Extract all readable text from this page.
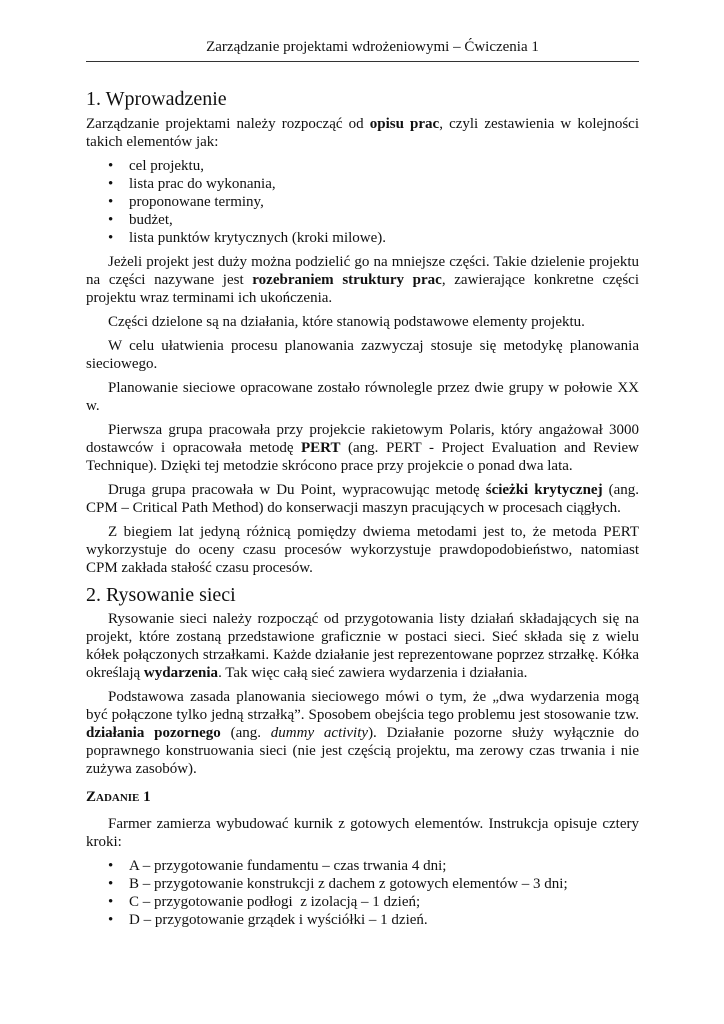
Zarządzanie projektami wdrożeniowymi – Ćwiczenia 1
1. Wprowadzenie

Zarządzanie projektami należy rozpocząć od opisu prac, czyli zestawienia w kolejności takich elementów jak:

• cel projektu,
• lista prac do wykonania,
• proponowane terminy,
• budżet,
• lista punktów krytycznych (kroki milowe).

Jeżeli projekt jest duży można podzielić go na mniejsze części. Takie dzielenie projektu na części nazywane jest rozebraniem struktury prac, zawierające konkretne części projektu wraz terminami ich ukończenia.

Części dzielone są na działania, które stanowią podstawowe elementy projektu.

W celu ułatwienia procesu planowania zazwyczaj stosuje się metodykę planowania sieciowego.

Planowanie sieciowe opracowane zostało równolegle przez dwie grupy w połowie XX w.

Pierwsza grupa pracowała przy projekcie rakietowym Polaris, który angażował 3000 dostawców i opracowała metodę PERT (ang. PERT - Project Evaluation and Review Technique). Dzięki tej metodzie skrócono prace przy projekcie o ponad dwa lata.

Druga grupa pracowała w Du Point, wypracowując metodę ścieżki krytycznej (ang. CPM – Critical Path Method) do konserwacji maszyn pracujących w procesach ciągłych.

Z biegiem lat jedyną różnicą pomiędzy dwiema metodami jest to, że metoda PERT wykorzystuje do oceny czasu procesów wykorzystuje prawdopodobieństwo, natomiast CPM zakłada stałość czasu procesów.

2. Rysowanie sieci

Rysowanie sieci należy rozpocząć od przygotowania listy działań składających się na projekt, które zostaną przedstawione graficznie w postaci sieci. Sieć składa się z wielu kółek połączonych strzałkami. Każde działanie jest reprezentowane poprzez strzałkę. Kółka określają wydarzenia. Tak więc całą sieć zawiera wydarzenia i działania.

Podstawowa zasada planowania sieciowego mówi o tym, że „dwa wydarzenia mogą być połączone tylko jedną strzałką”. Sposobem obejścia tego problemu jest stosowanie tzw. działania pozornego (ang. dummy activity). Działanie pozorne służy wyłącznie do poprawnego konstruowania sieci (nie jest częścią projektu, ma zerowy czas trwania i nie zużywa zasobów).

Zadanie 1

Farmer zamierza wybudować kurnik z gotowych elementów. Instrukcja opisuje cztery kroki:

• A – przygotowanie fundamentu – czas trwania 4 dni;
• B – przygotowanie konstrukcji z dachem z gotowych elementów – 3 dni;
• C – przygotowanie podłogi  z izolacją – 1 dzień;
• D – przygotowanie grządek i wyściółki – 1 dzień.
